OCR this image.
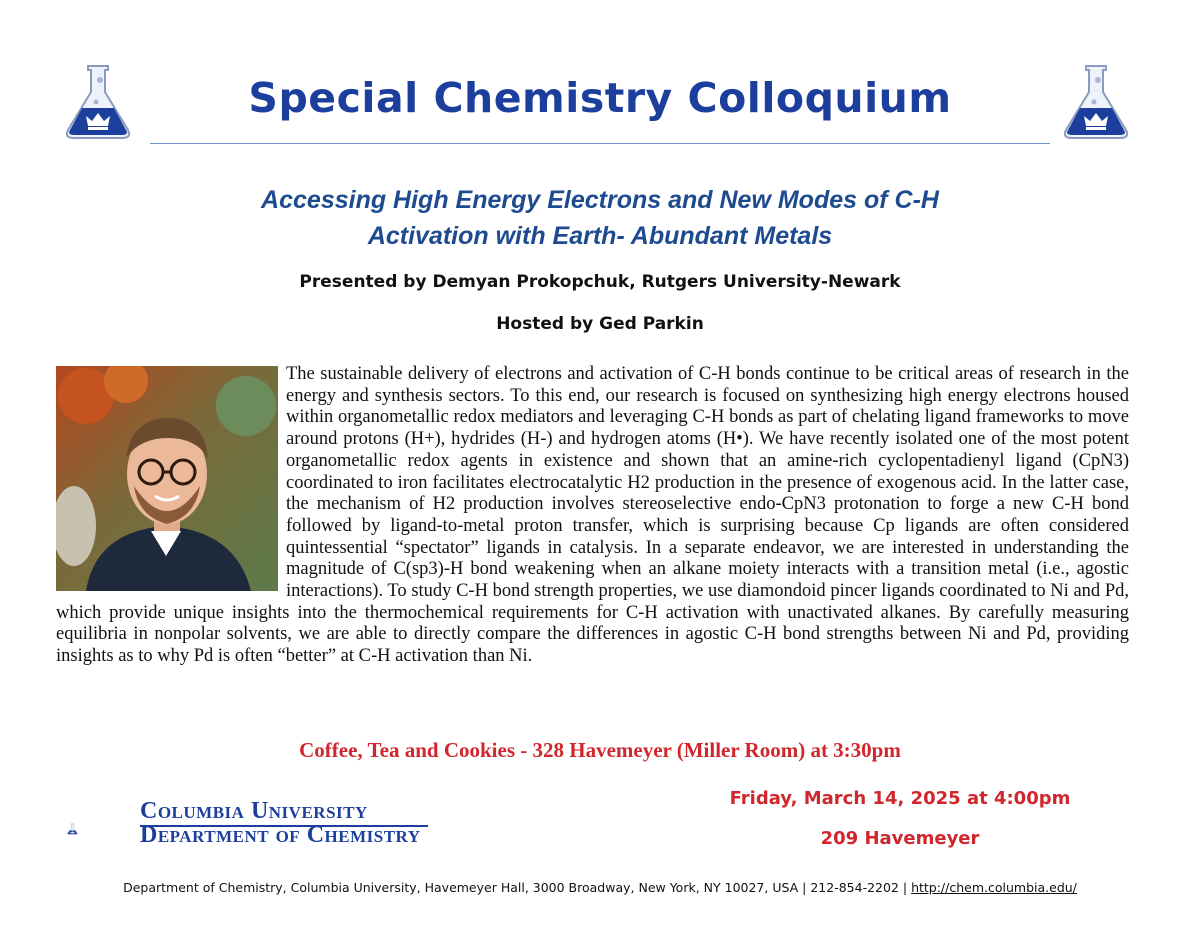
Special Chemistry Colloquium
Accessing High Energy Electrons and New Modes of C-H
Activation with Earth- Abundant Metals
Presented by Demyan Prokopchuk, Rutgers University-Newark
Hosted by Ged Parkin
The sustainable delivery of electrons and activation of C-H bonds continue to be critical areas of research in the energy and synthesis sectors. To this end, our research is focused on synthesizing high energy electrons housed within organometallic redox mediators and leveraging C-H bonds as part of chelating ligand frameworks to move around protons (H+), hydrides (H-) and hydrogen atoms (H•). We have recently isolated one of the most potent organometallic redox agents in existence and shown that an amine-rich cyclopentadienyl ligand (CpN3) coordinated to iron facilitates electrocatalytic H2 production in the presence of exogenous acid. In the latter case, the mechanism of H2 production involves stereoselective endo-CpN3 protonation to forge a new C-H bond followed by ligand-to-metal proton transfer, which is surprising because Cp ligands are often considered quintessential “spectator” ligands in catalysis. In a separate endeavor, we are interested in understanding the magnitude of C(sp3)-H bond weakening when an alkane moiety interacts with a transition metal (i.e., agostic interactions). To study C-H bond strength properties, we use diamondoid pincer ligands coordinated to Ni and Pd, which provide unique insights into the thermochemical requirements for C-H activation with unactivated alkanes. By carefully measuring equilibria in nonpolar solvents, we are able to directly compare the differences in agostic C-H bond strengths between Ni and Pd, providing insights as to why Pd is often “better” at C-H activation than Ni.
Coffee, Tea and Cookies - 328 Havemeyer (Miller Room) at 3:30pm
Columbia University
Department of Chemistry
Friday, March 14, 2025 at 4:00pm
209 Havemeyer
Department of Chemistry, Columbia University, Havemeyer Hall, 3000 Broadway, New York, NY 10027, USA | 212-854-2202 | http://chem.columbia.edu/
